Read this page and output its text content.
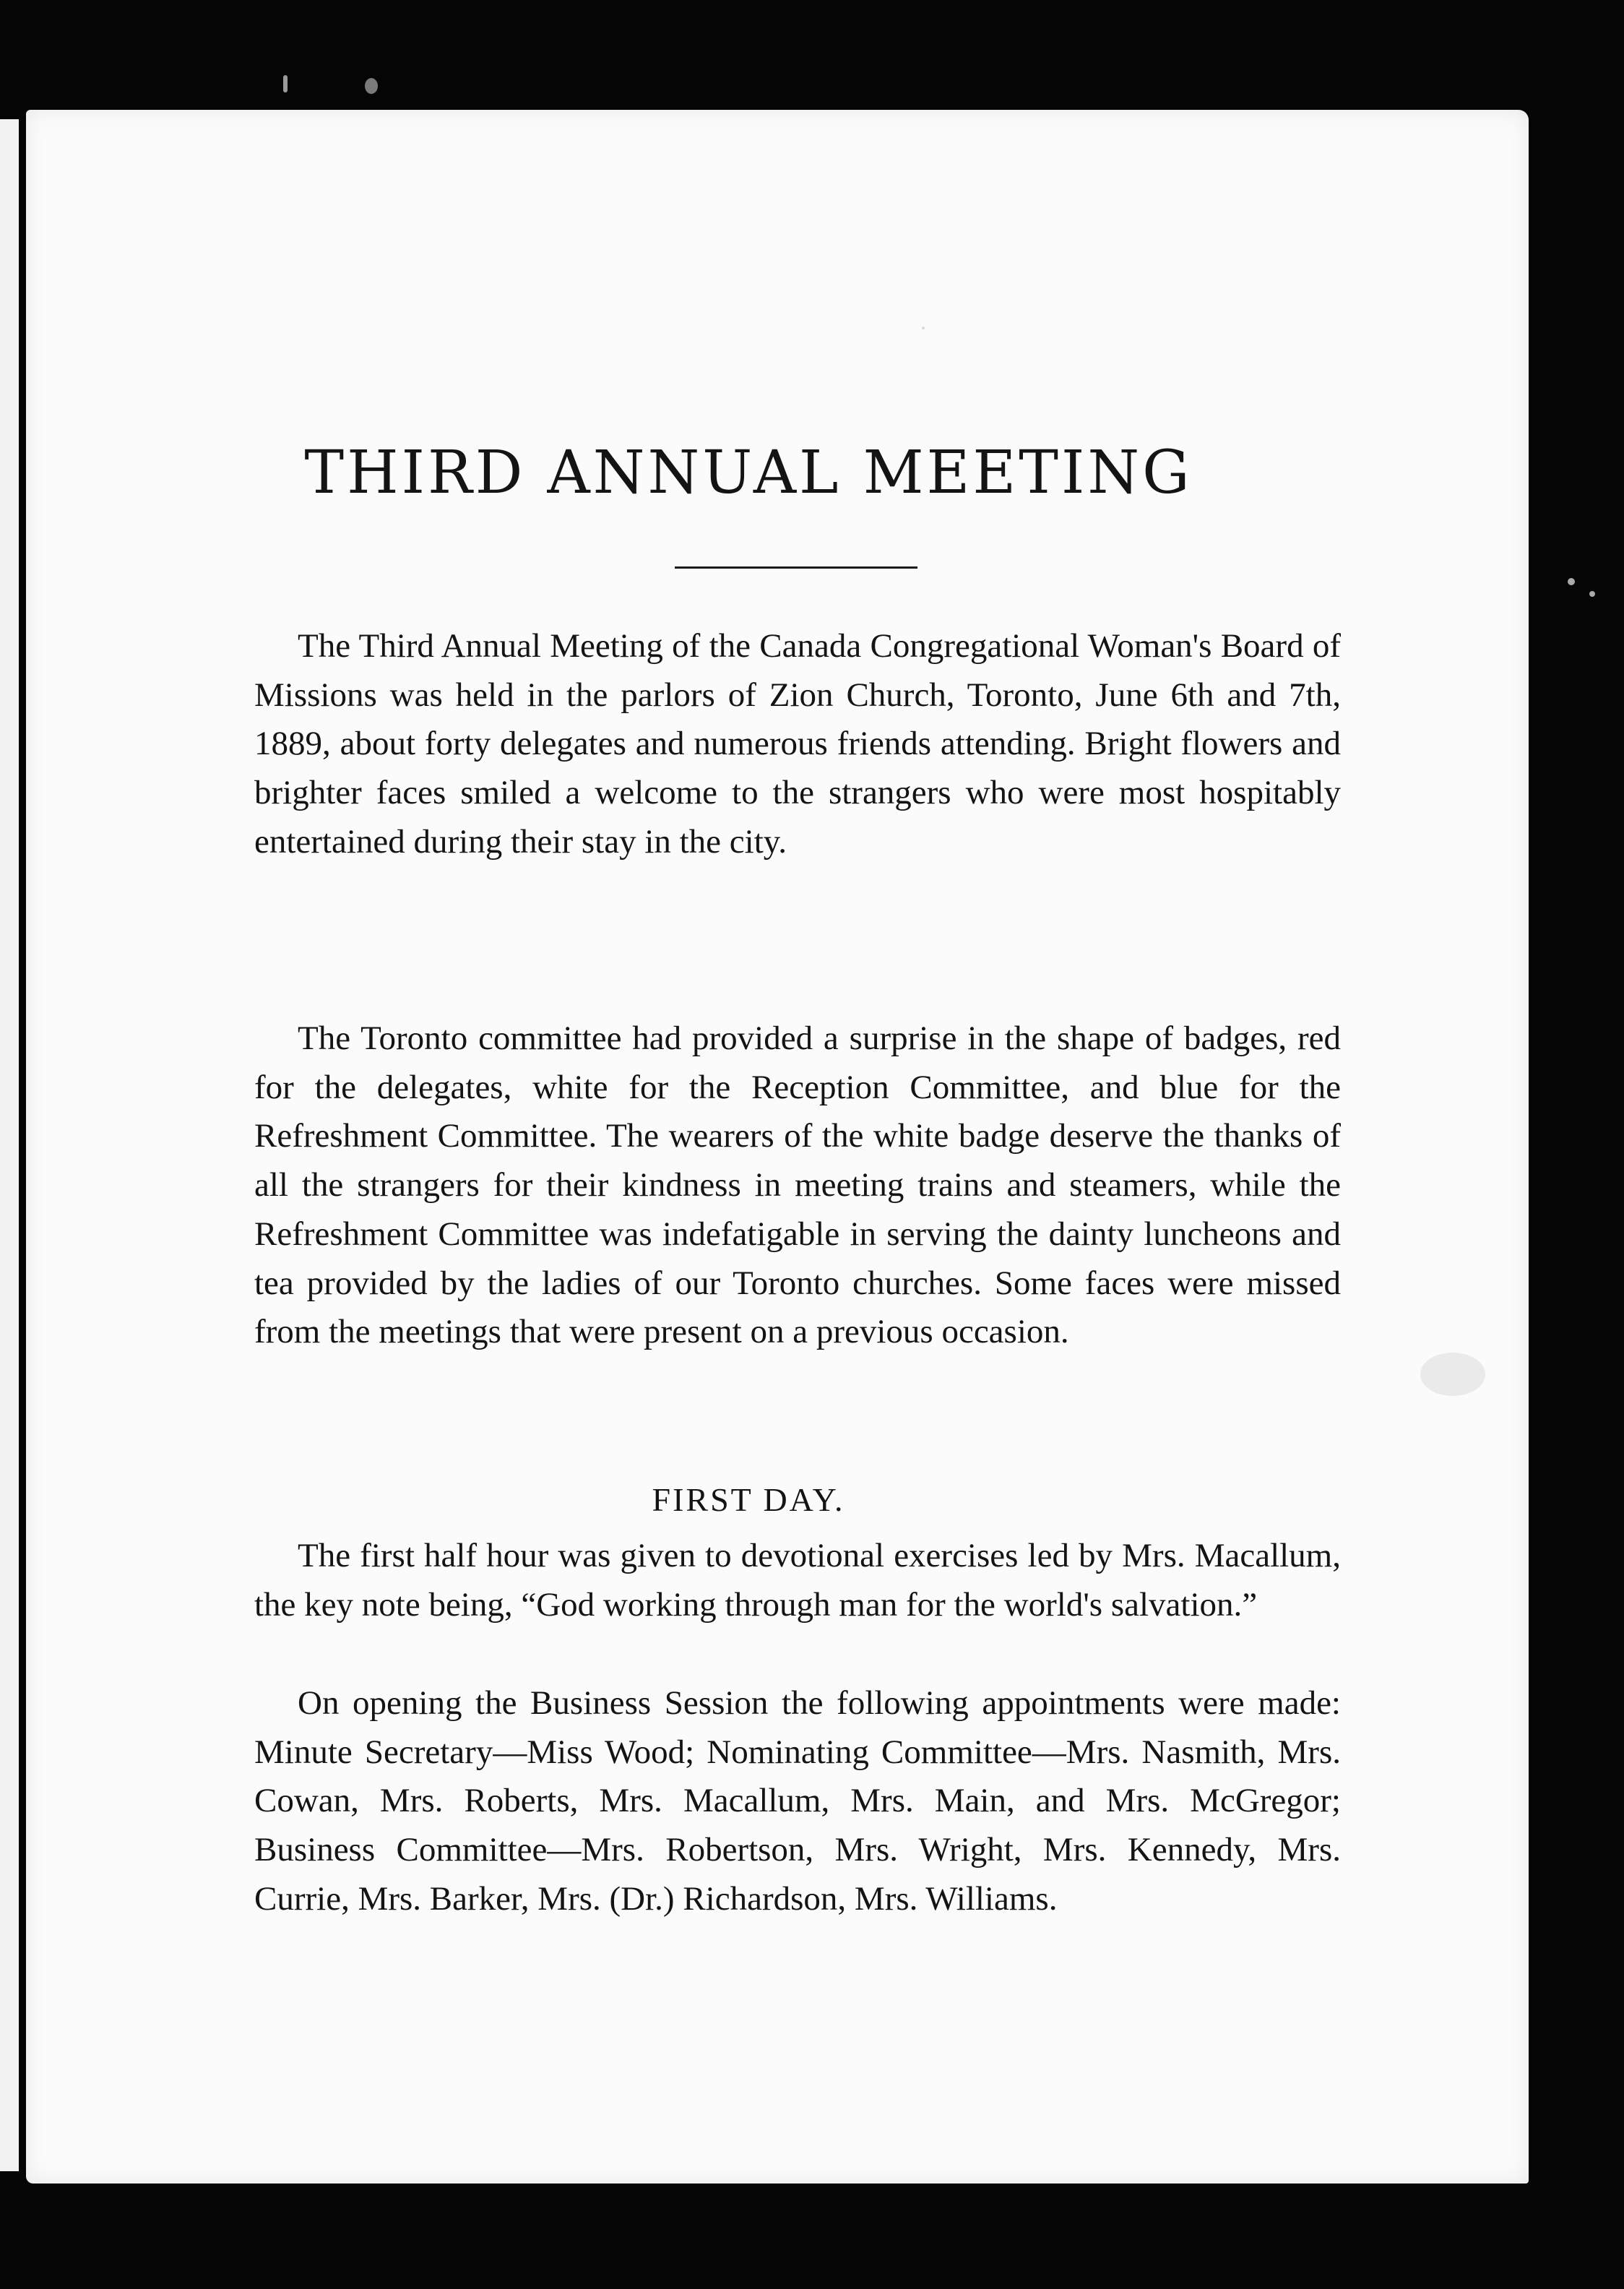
THIRD ANNUAL MEETING

The Third Annual Meeting of the Canada Congregational Woman's Board of Missions was held in the parlors of Zion Church, Toronto, June 6th and 7th, 1889, about forty delegates and numerous friends attending. Bright flowers and brighter faces smiled a welcome to the strangers who were most hospitably entertained during their stay in the city.

The Toronto committee had provided a surprise in the shape of badges, red for the delegates, white for the Reception Committee, and blue for the Refreshment Committee. The wearers of the white badge deserve the thanks of all the strangers for their kindness in meeting trains and steamers, while the Refreshment Committee was indefatigable in serving the dainty luncheons and tea provided by the ladies of our Toronto churches. Some faces were missed from the meetings that were present on a previous occasion.

FIRST DAY.

The first half hour was given to devotional exercises led by Mrs. Macallum, the key note being, “God working through man for the world's salvation.”

On opening the Business Session the following appointments were made: Minute Secretary—Miss Wood; Nominating Committee—Mrs. Nasmith, Mrs. Cowan, Mrs. Roberts, Mrs. Macallum, Mrs. Main, and Mrs. McGregor; Business Committee—Mrs. Robertson, Mrs. Wright, Mrs. Kennedy, Mrs. Currie, Mrs. Barker, Mrs. (Dr.) Richardson, Mrs. Williams.
